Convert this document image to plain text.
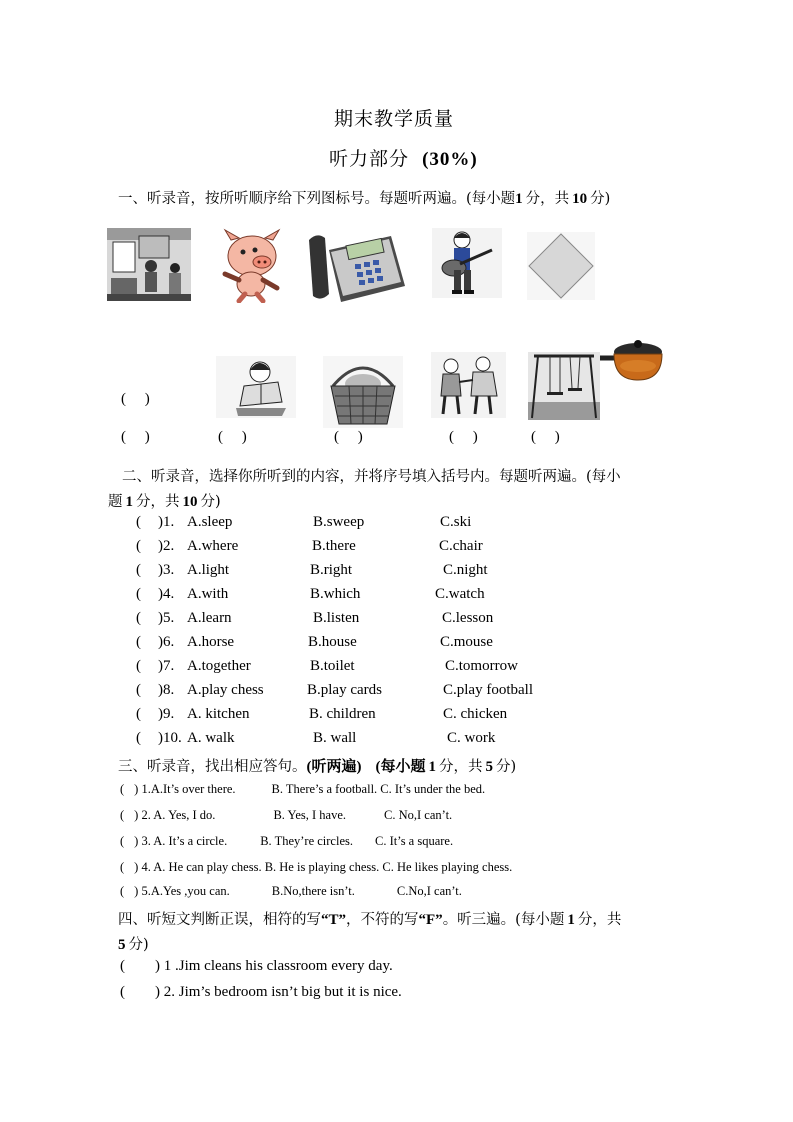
期末教学质量
听力部分 (30%)
一、听录音，按所听顺序给下列图标号。每题听两遍。(每小题1 分，共 10 分)
(　 )
(　 )	(　 )	(　 )	(　 )	(　 )
二、听录音，选择你所听到的内容，并将序号填入括号内。每题听两遍。(每小
题 1 分，共 10 分)
( )1. A.sleep	B.sweep	C.ski
( )2. A.where	B.there	C.chair
( )3. A.light	B.right	C.night
( )4. A.with	B.which	C.watch
( )5. A.learn	B.listen	C.lesson
( )6. A.horse	B.house	C.mouse
( )7. A.together	B.toilet	C.tomorrow
( )8. A.play chess	B.play cards	C.play football
( )9. A. kitchen	B. children	C. chicken
( )10. A. walk	B. wall	C. work
三、听录音，找出相应答句。(听两遍) (每小题 1 分，共 5 分)
( ) 1.A.It’s over there.	B. There’s a football. C. It’s under the bed.
( ) 2. A. Yes, I do.	B. Yes, I have.	C. No,I can’t.
( ) 3. A. It’s a circle.	B. They’re circles. C. It’s a square.
( ) 4. A. He can play chess. B. He is playing chess. C. He likes playing chess.
( ) 5.A.Yes ,you can.	B.No,there isn’t.	C.No,I can’t.
四、听短文判断正误，相符的写“T”，不符的写“F”。听三遍。(每小题 1 分，共
5 分)
( ) 1 .Jim cleans his classroom every day.
( ) 2. Jim’s bedroom isn’t big but it is nice.
